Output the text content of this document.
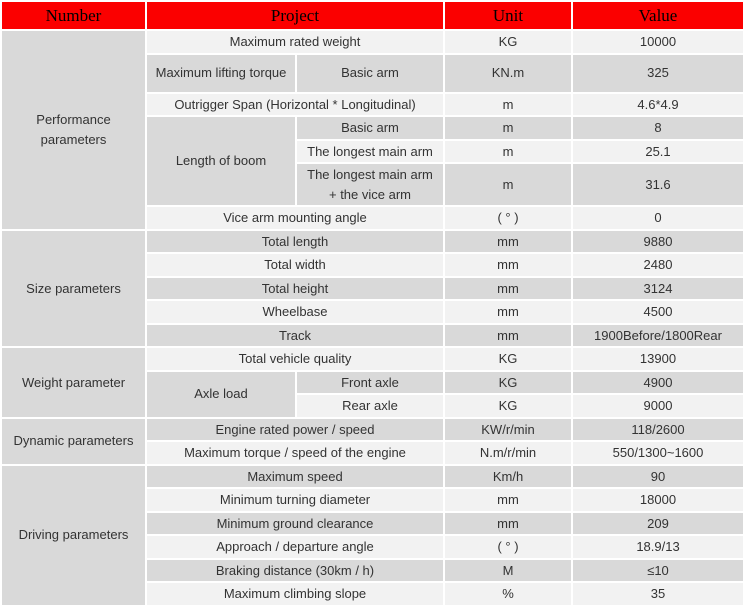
Number	Project		Unit	Value
Performance parameters	Maximum rated weight		KG	10000
	Maximum lifting torque	Basic arm	KN.m	325
	Outrigger Span (Horizontal * Longitudinal)		m	4.6*4.9
	Length of boom	Basic arm	m	8
		The longest main arm	m	25.1
		The longest main arm + the vice arm	m	31.6
	Vice arm mounting angle		( ° )	0
Size parameters	Total length		mm	9880
	Total width		mm	2480
	Total height		mm	3124
	Wheelbase		mm	4500
	Track		mm	1900Before/1800Rear
Weight parameter	Total vehicle quality		KG	13900
	Axle load	Front axle	KG	4900
		Rear axle	KG	9000
Dynamic parameters	Engine rated power / speed		KW/r/min	118/2600
	Maximum torque / speed of the engine		N.m/r/min	550/1300~1600
Driving parameters	Maximum speed		Km/h	90
	Minimum turning diameter		mm	18000
	Minimum ground clearance		mm	209
	Approach / departure angle		( ° )	18.9/13
	Braking distance (30km / h)		M	≤10
	Maximum climbing slope		%	35
